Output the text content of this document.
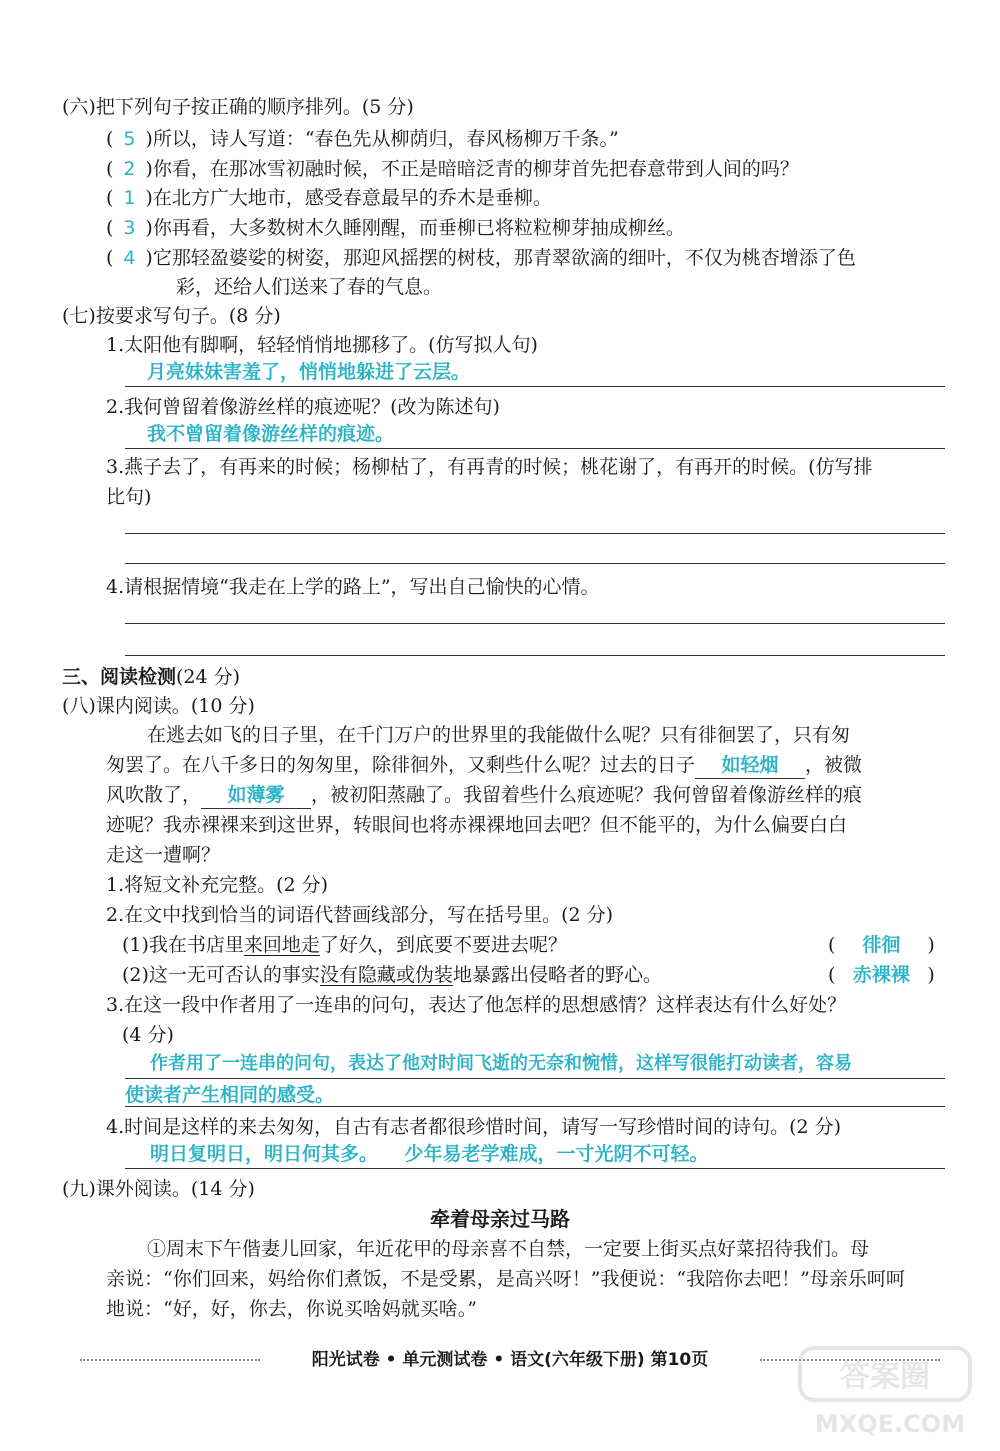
(六)把下列句子按正确的顺序排列。(5 分)
( 5 )所以，诗人写道：“春色先从柳荫归，春风杨柳万千条。”
( 2 )你看，在那冰雪初融时候，不正是暗暗泛青的柳芽首先把春意带到人间的吗？
( 1 )在北方广大地市，感受春意最早的乔木是垂柳。
( 3 )你再看，大多数树木久睡刚醒，而垂柳已将粒粒柳芽抽成柳丝。
( 4 )它那轻盈婆娑的树姿，那迎风摇摆的树枝，那青翠欲滴的细叶，不仅为桃杏增添了色
彩，还给人们送来了春的气息。
(七)按要求写句子。(8 分)
1.太阳他有脚啊，轻轻悄悄地挪移了。(仿写拟人句)
月亮妹妹害羞了，悄悄地躲进了云层。
2.我何曾留着像游丝样的痕迹呢？(改为陈述句)
我不曾留着像游丝样的痕迹。
3.燕子去了，有再来的时候；杨柳枯了，有再青的时候；桃花谢了，有再开的时候。(仿写排
比句)
4.请根据情境“我走在上学的路上”，写出自己愉快的心情。
三、阅读检测(24 分)
(八)课内阅读。(10 分)
在逃去如飞的日子里，在千门万户的世界里的我能做什么呢？只有徘徊罢了，只有匆
匆罢了。在八千多日的匆匆里，除徘徊外，又剩些什么呢？过去的日子 如轻烟 ，被微
风吹散了， 如薄雾 ，被初阳蒸融了。我留着些什么痕迹呢？我何曾留着像游丝样的痕
迹呢？我赤裸裸来到这世界，转眼间也将赤裸裸地回去吧？但不能平的，为什么偏要白白
走这一遭啊？
1.将短文补充完整。(2 分)
2.在文中找到恰当的词语代替画线部分，写在括号里。(2 分)
(1)我在书店里来回地走了好久，到底要不要进去呢？	( 徘徊 )
(2)这一无可否认的事实没有隐藏或伪装地暴露出侵略者的野心。	( 赤裸裸 )
3.在这一段中作者用了一连串的问句，表达了他怎样的思想感情？这样表达有什么好处？
(4 分)
作者用了一连串的问句，表达了他对时间飞逝的无奈和惋惜，这样写很能打动读者，容易
使读者产生相同的感受。
4.时间是这样的来去匆匆，自古有志者都很珍惜时间，请写一写珍惜时间的诗句。(2 分)
明日复明日，明日何其多。    少年易老学难成，一寸光阴不可轻。
(九)课外阅读。(14 分)
牵着母亲过马路
①周末下午偕妻儿回家，年近花甲的母亲喜不自禁，一定要上街买点好菜招待我们。母
亲说：“你们回来，妈给你们煮饭，不是受累，是高兴呀！”我便说：“我陪你去吧！”母亲乐呵呵
地说：“好，好，你去，你说买啥妈就买啥。”
阳光试卷 • 单元测试卷 • 语文(六年级下册) 第10页	答案圈
MXQE.COM
